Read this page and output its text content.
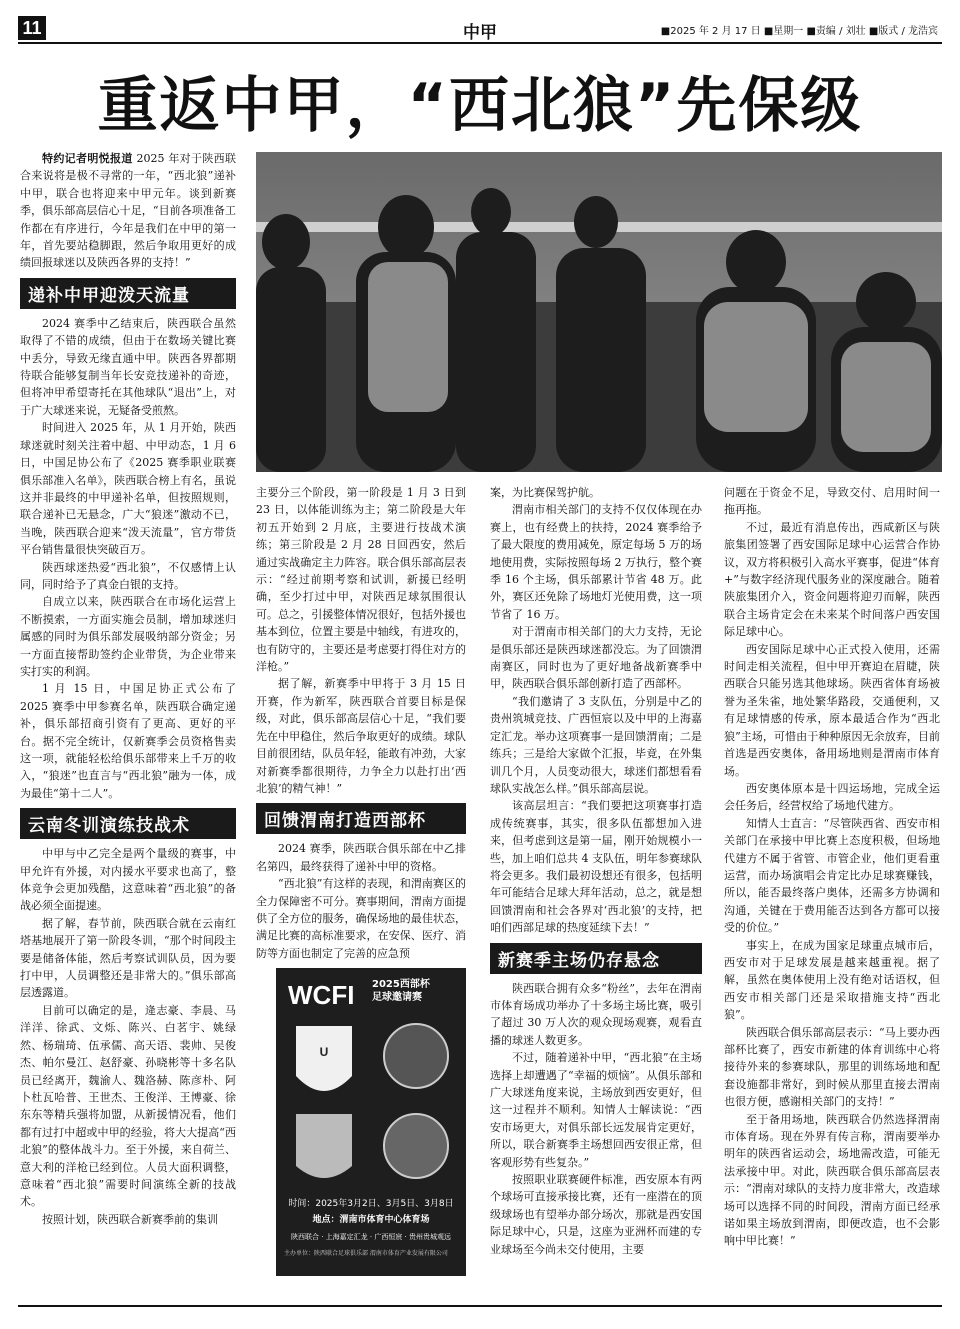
11	中甲	■2025 年 2 月 17 日 ■星期一 ■责编 / 刘壮 ■版式 / 龙浩宾
重返中甲，“西北狼”先保级

特约记者明悦报道 2025 年对于陕西联合来说将是极不寻常的一年，“西北狼”递补中甲，联合也将迎来中甲元年。谈到新赛季，俱乐部高层信心十足，“目前各项准备工作都在有序进行，今年是我们在中甲的第一年，首先要站稳脚跟，然后争取用更好的成绩回报球迷以及陕西各界的支持！”

递补中甲迎泼天流量

2024 赛季中乙结束后，陕西联合虽然取得了不错的成绩，但由于在数场关键比赛中丢分，导致无缘直通中甲。陕西各界都期待联合能够复制当年长安竞技递补的奇迹，但将冲甲希望寄托在其他球队“退出”上，对于广大球迷来说，无疑备受煎熬。

时间进入 2025 年，从 1 月开始，陕西球迷就时刻关注着中超、中甲动态，1 月 6 日，中国足协公布了《2025 赛季职业联赛俱乐部准入名单》，陕西联合榜上有名，虽说这并非最终的中甲递补名单，但按照规则，联合递补已无悬念，广大“狼迷”激动不已，当晚，陕西联合迎来“泼天流量”，官方带货平台销售量很快突破百万。

陕西球迷热爱“西北狼”，不仅感情上认同，同时给予了真金白银的支持。

自成立以来，陕西联合在市场化运营上不断摸索，一方面实施会员制，增加球迷归属感的同时为俱乐部发展吸纳部分资金；另一方面直接帮助签约企业带货，为企业带来实打实的利润。

1 月 15 日，中国足协正式公布了 2025 赛季中甲参赛名单，陕西联合确定递补，俱乐部招商引资有了更高、更好的平台。据不完全统计，仅新赛季会员资格售卖这一项，就能轻松给俱乐部带来上千万的收入，“狼迷”也直言与“西北狼”融为一体，成为最佳“第十二人”。

云南冬训演练技战术

中甲与中乙完全是两个量级的赛事，中甲允许有外援，对内援水平要求也高了，整体竞争会更加残酷，这意味着“西北狼”的备战必须全面提速。

据了解，春节前，陕西联合就在云南红塔基地展开了第一阶段冬训，“那个时间段主要是储备体能，然后考察试训队员，因为要打中甲，人员调整还是非常大的。”俱乐部高层透露道。

目前可以确定的是，逄志豪、李晨、马洋洋、徐武、文烁、陈兴、白茗宇、姚绿然、杨瑞琦、伍承儒、高天语、裴帅、吴俊杰、帕尔曼江、赵舒豪、孙晓彬等十多名队员已经离开，魏渝人、魏洛赫、陈彦朴、阿卜杜瓦哈普、王世杰、王俊洋、王博豪、徐东东等精兵强将加盟，从新援情况看，他们都有过打中超或中甲的经验，将大大提高“西北狼”的整体战斗力。至于外援，来自荷兰、意大利的洋枪已经到位。人员大面积调整，意味着“西北狼”需要时间演练全新的技战术。

按照计划，陕西联合新赛季前的集训

主要分三个阶段，第一阶段是 1 月 3 日到 23 日，以体能训练为主；第二阶段是大年初五开始到 2 月底，主要进行技战术演练；第三阶段是 2 月 28 日回西安，然后通过实战确定主力阵容。联合俱乐部高层表示：“经过前期考察和试训，新援已经明确，至少打过中甲，对陕西足球氛围很认可。总之，引援整体情况很好，包括外援也基本到位，位置主要是中轴线，有进攻的，也有防守的，主要还是考虑要打得住对方的洋枪。”

据了解，新赛季中甲将于 3 月 15 日开赛，作为新军，陕西联合首要目标是保级，对此，俱乐部高层信心十足，“我们要先在中甲稳住，然后争取更好的成绩。球队目前很团结，队员年轻，能敢有冲劲，大家对新赛季都很期待，力争全力以赴打出‘西北狼’的精气神！”

回馈渭南打造西部杯

2024 赛季，陕西联合俱乐部在中乙排名第四，最终获得了递补中甲的资格。

“西北狼”有这样的表现，和渭南赛区的全力保障密不可分。赛事期间，渭南方面提供了全方位的服务，确保场地的最佳状态，满足比赛的高标准要求，在安保、医疗、消防等方面也制定了完善的应急预

WCFI 2025西部杯
足球邀请赛
U
时间：2025年3月2日、3月5日、3月8日
地点：渭南市体育中心体育场
陕西联合 · 上海嘉定汇龙 · 广西恒宸 · 贵州贵城观远
主办单位：陕西联合足球俱乐部 渭南市体育产业发展有限公司

案，为比赛保驾护航。

渭南市相关部门的支持不仅仅体现在办赛上，也有经费上的扶持，2024 赛季给予了最大限度的费用减免，原定每场 5 万的场地使用费，实际按照每场 2 万执行，整个赛季 16 个主场，俱乐部累计节省 48 万。此外，赛区还免除了场地灯光使用费，这一项节省了 16 万。

对于渭南市相关部门的大力支持，无论是俱乐部还是陕西球迷都没忘。为了回馈渭南赛区，同时也为了更好地备战新赛季中甲，陕西联合俱乐部创新打造了西部杯。

“我们邀请了 3 支队伍，分别是中乙的贵州筑城竞技、广西恒宸以及中甲的上海嘉定汇龙。举办这项赛事一是回馈渭南；二是练兵；三是给大家做个汇报，毕竟，在外集训几个月，人员变动很大，球迷们都想看看球队实战怎么样。”俱乐部高层说。

该高层坦言：“我们要把这项赛事打造成传统赛事，其实，很多队伍都想加入进来，但考虑到这是第一届，刚开始规模小一些，加上咱们总共 4 支队伍，明年参赛球队将会更多。我们最初设想还有很多，包括明年可能结合足球大拜年活动，总之，就是想回馈渭南和社会各界对‘西北狼’的支持，把咱们西部足球的热度延续下去！”

新赛季主场仍存悬念

陕西联合拥有众多“粉丝”，去年在渭南市体育场成功举办了十多场主场比赛，吸引了超过 30 万人次的观众现场观赛，观看直播的球迷人数更多。

不过，随着递补中甲，“西北狼”在主场选择上却遭遇了“幸福的烦恼”。从俱乐部和广大球迷角度来说，主场放到西安更好，但这一过程并不顺利。知情人士解读说：“西安市场更大，对俱乐部长远发展肯定更好，所以，联合新赛季主场想回西安很正常，但客观形势有些复杂。”

按照职业联赛硬件标准，西安原本有两个球场可直接承接比赛，还有一座潜在的顶级球场也有望举办部分场次，那就是西安国际足球中心，只是，这座为亚洲杯而建的专业球场至今尚未交付使用，主要

问题在于资金不足，导致交付、启用时间一拖再拖。

不过，最近有消息传出，西咸新区与陕旅集团签署了西安国际足球中心运营合作协议，双方将积极引入高水平赛事，促进“体育+”与数字经济现代服务业的深度融合。随着陕旅集团介入，资金问题将迎刃而解，陕西联合主场肯定会在未来某个时间落户西安国际足球中心。

西安国际足球中心正式投入使用，还需时间走相关流程，但中甲开赛迫在眉睫，陕西联合只能另选其他球场。陕西省体育场被誉为圣朱雀，地处繁华路段，交通便利，又有足球情感的传承，原本最适合作为“西北狼”主场，可惜由于种种原因无余放弃，目前首选是西安奥体，备用场地则是渭南市体育场。

西安奥体原本是十四运场地，完成全运会任务后，经营权给了场地代建方。

知情人士直言：“尽管陕西省、西安市相关部门在承接中甲比赛上态度积极，但场地代建方不属于省管、市管企业，他们更看重运营，而办场演唱会肯定比办足球赛赚钱，所以，能否最终落户奥体，还需多方协调和沟通，关键在于费用能否达到各方都可以接受的价位。”

事实上，在成为国家足球重点城市后，西安市对于足球发展是越来越重视。据了解，虽然在奥体使用上没有绝对话语权，但西安市相关部门还是采取措施支持“西北狼”。

陕西联合俱乐部高层表示：“马上要办西部杯比赛了，西安市新建的体育训练中心将接待外来的参赛球队，那里的训练场地和配套设施都非常好，到时候从那里直接去渭南也很方便，感谢相关部门的支持！”

至于备用场地，陕西联合仍然选择渭南市体育场。现在外界有传言称，渭南要举办明年的陕西省运动会，场地需改造，可能无法承接中甲。对此，陕西联合俱乐部高层表示：“渭南对球队的支持力度非常大，改造球场可以选择不同的时间段，渭南方面已经承诺如果主场放到渭南，即便改造，也不会影响中甲比赛！”
